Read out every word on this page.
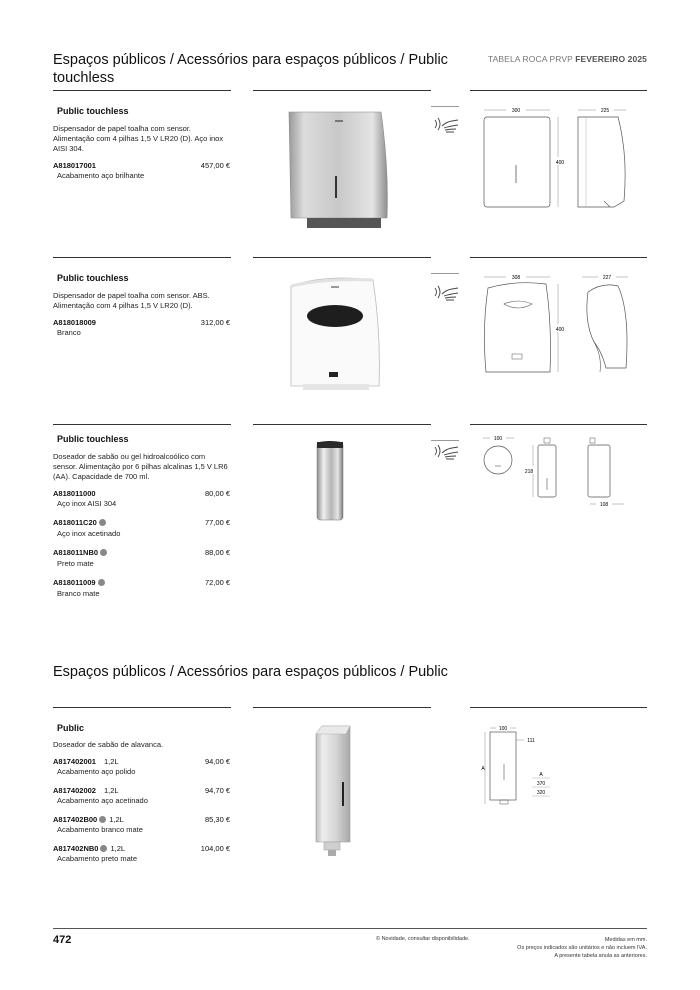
Espaços públicos / Acessórios para espaços públicos / Public touchless
TABELA ROCA PRVP FEVEREIRO 2025
Public touchless
Dispensador de papel toalha com sensor. Alimentação com 4 pilhas 1,5 V LR20 (D). Aço inox AISI 304.
A818017001	457,00 €
Acabamento aço brilhante
300	225
400
Public touchless
Dispensador de papel toalha com sensor. ABS. Alimentação com 4 pilhas 1,5 V LR20 (D).
A818018009	312,00 €
Branco
308	227
400
Public touchless
Doseador de sabão ou gel hidroalcoólico com sensor. Alimentação por 6 pilhas alcalinas 1,5 V LR6 (AA). Capacidade de 700 ml.
A818011000	80,00 €
Aço inox AISI 304
A818011C20	77,00 €
Aço inox acetinado
A818011NB0	88,00 €
Preto mate
A818011009	72,00 €
Branco mate
100
218
108
Espaços públicos / Acessórios para espaços públicos / Public
Public
Doseador de sabão de alavanca.
A817402001 1,2L	94,00 €
Acabamento aço polido
A817402002 1,2L	94,70 €
Acabamento aço acetinado
A817402B00 1,2L	85,30 €
Acabamento branco mate
A817402NB0 1,2L	104,00 €
Acabamento preto mate
100
111
A
A
370
320
472	© Novidade, consultar disponibilidade.	Medidas em mm.
Os preços indicados são unitários e não incluem IVA.
A presente tabela anula as anteriores.
